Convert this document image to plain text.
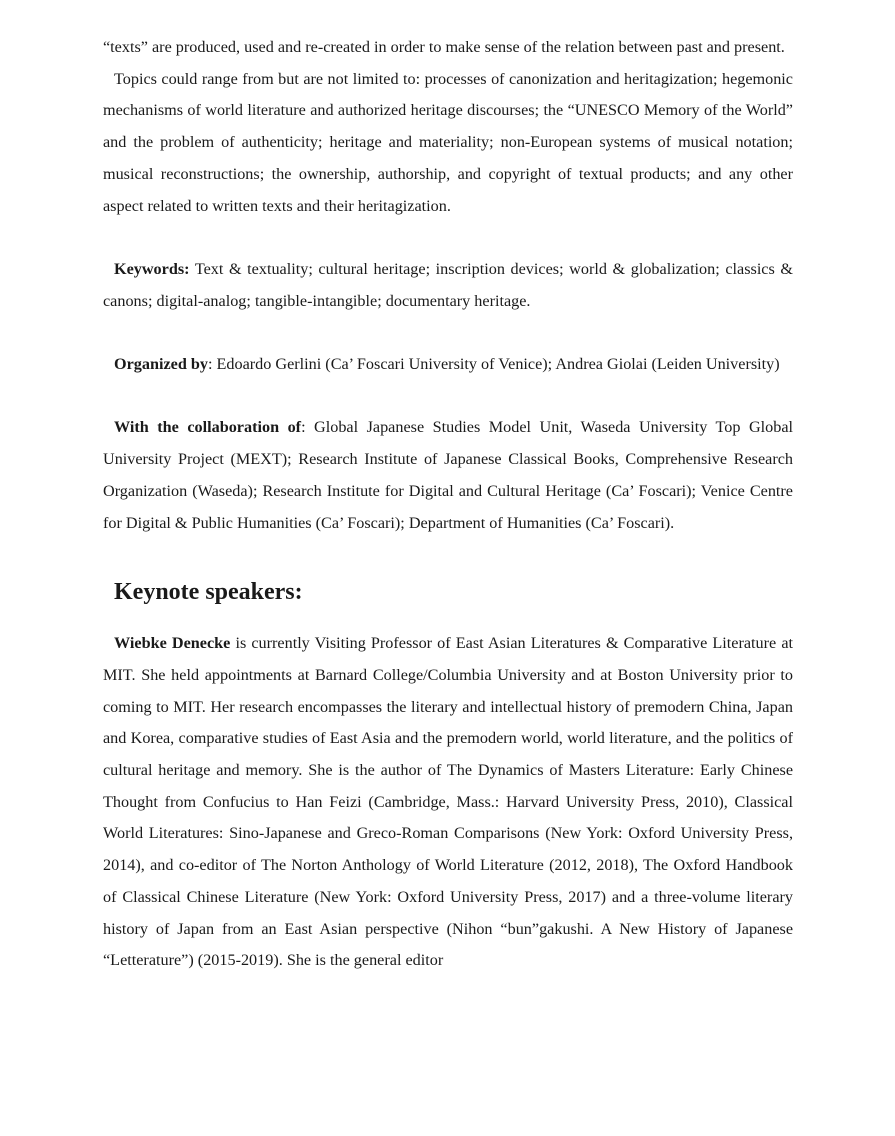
“texts” are produced, used and re-created in order to make sense of the relation between past and present.

Topics could range from but are not limited to: processes of canonization and heritagization; hegemonic mechanisms of world literature and authorized heritage discourses; the “UNESCO Memory of the World” and the problem of authenticity; heritage and materiality; non-European systems of musical notation; musical reconstructions; the ownership, authorship, and copyright of textual products; and any other aspect related to written texts and their heritagization.

Keywords: Text & textuality; cultural heritage; inscription devices; world & globalization; classics & canons; digital-analog; tangible-intangible; documentary heritage.

Organized by: Edoardo Gerlini (Ca’ Foscari University of Venice); Andrea Giolai (Leiden University)

With the collaboration of: Global Japanese Studies Model Unit, Waseda University Top Global University Project (MEXT); Research Institute of Japanese Classical Books, Comprehensive Research Organization (Waseda); Research Institute for Digital and Cultural Heritage (Ca’ Foscari); Venice Centre for Digital & Public Humanities (Ca’ Foscari); Department of Humanities (Ca’ Foscari).

Keynote speakers:

Wiebke Denecke is currently Visiting Professor of East Asian Literatures & Comparative Literature at MIT. She held appointments at Barnard College/Columbia University and at Boston University prior to coming to MIT. Her research encompasses the literary and intellectual history of premodern China, Japan and Korea, comparative studies of East Asia and the premodern world, world literature, and the politics of cultural heritage and memory. She is the author of The Dynamics of Masters Literature: Early Chinese Thought from Confucius to Han Feizi (Cambridge, Mass.: Harvard University Press, 2010), Classical World Literatures: Sino-Japanese and Greco-Roman Comparisons (New York: Oxford University Press, 2014), and co-editor of The Norton Anthology of World Literature (2012, 2018), The Oxford Handbook of Classical Chinese Literature (New York: Oxford University Press, 2017) and a three-volume literary history of Japan from an East Asian perspective (Nihon “bun”gakushi. A New History of Japanese “Letterature”) (2015-2019). She is the general editor
